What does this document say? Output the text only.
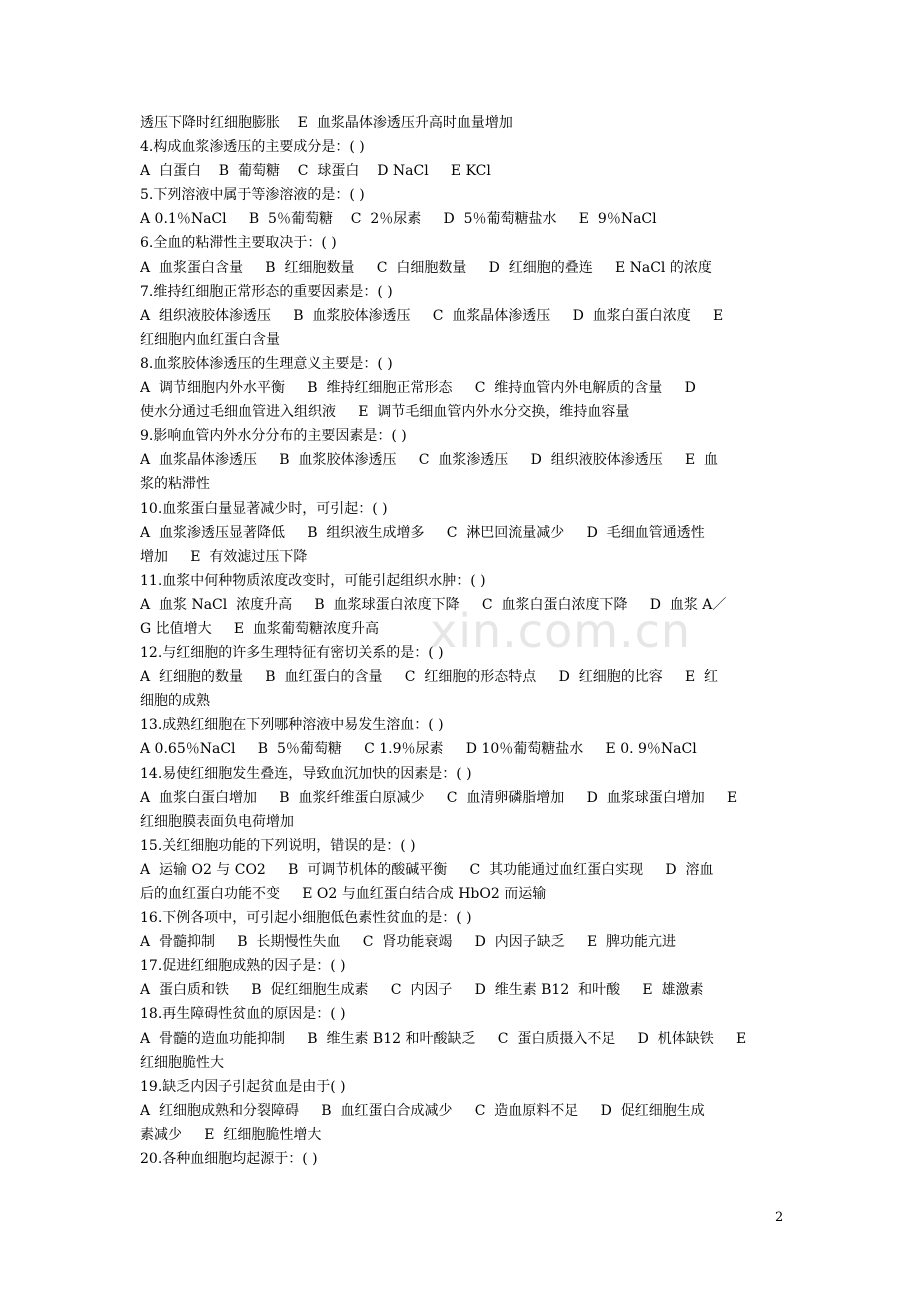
xin.com.cn
透压下降时红细胞膨胀    E  血浆晶体渗透压升高时血量增加
4.构成血浆渗透压的主要成分是：( )
A  白蛋白    B  葡萄糖    C  球蛋白    D NaCl     E KCl
5.下列溶液中属于等渗溶液的是：( )
A 0.1％NaCl     B  5％葡萄糖    C  2％尿素     D  5％葡萄糖盐水     E  9％NaCl
6.全血的粘滞性主要取决于：( )
A  血浆蛋白含量     B  红细胞数量     C  白细胞数量     D  红细胞的叠连     E NaCl 的浓度
7.维持红细胞正常形态的重要因素是：( )
A  组织液胶体渗透压     B  血浆胶体渗透压     C  血浆晶体渗透压     D  血浆白蛋白浓度     E
红细胞内血红蛋白含量
8.血浆胶体渗透压的生理意义主要是：( )
A  调节细胞内外水平衡     B  维持红细胞正常形态     C  维持血管内外电解质的含量     D
使水分通过毛细血管进入组织液     E  调节毛细血管内外水分交换，维持血容量
9.影响血管内外水分分布的主要因素是：( )
A  血浆晶体渗透压     B  血浆胶体渗透压     C  血浆渗透压     D  组织液胶体渗透压     E  血
浆的粘滞性
10.血浆蛋白量显著减少时，可引起：( )
A  血浆渗透压显著降低     B  组织液生成增多     C  淋巴回流量减少     D  毛细血管通透性
增加     E  有效滤过压下降
11.血浆中何种物质浓度改变时，可能引起组织水肿：( )
A  血浆 NaCl  浓度升高     B  血浆球蛋白浓度下降     C  血浆白蛋白浓度下降     D  血浆 A／
G 比值增大     E  血浆葡萄糖浓度升高
12.与红细胞的许多生理特征有密切关系的是：( )
A  红细胞的数量     B  血红蛋白的含量     C  红细胞的形态特点     D  红细胞的比容     E  红
细胞的成熟
13.成熟红细胞在下列哪种溶液中易发生溶血：( )
A 0.65％NaCl     B  5％葡萄糖     C 1.9％尿素     D 10％葡萄糖盐水     E 0. 9％NaCl
14.易使红细胞发生叠连，导致血沉加快的因素是：( )
A  血浆白蛋白增加     B  血浆纤维蛋白原减少     C  血清卵磷脂增加     D  血浆球蛋白增加     E
红细胞膜表面负电荷增加
15.关红细胞功能的下列说明，错误的是：( )
A  运输 O2 与 CO2     B  可调节机体的酸碱平衡     C  其功能通过血红蛋白实现     D  溶血
后的血红蛋白功能不变     E O2 与血红蛋白结合成 HbO2 而运输
16.下例各项中，可引起小细胞低色素性贫血的是：( )
A  骨髓抑制     B  长期慢性失血     C  肾功能衰竭     D  内因子缺乏     E  脾功能亢进
17.促进红细胞成熟的因子是：( )
A  蛋白质和铁     B  促红细胞生成素     C  内因子     D  维生素 B12  和叶酸     E  雄激素
18.再生障碍性贫血的原因是：( )
A  骨髓的造血功能抑制     B  维生素 B12 和叶酸缺乏     C  蛋白质摄入不足     D  机体缺铁     E
红细胞脆性大
19.缺乏内因子引起贫血是由于( )
A  红细胞成熟和分裂障碍     B  血红蛋白合成减少     C  造血原料不足     D  促红细胞生成
素减少     E  红细胞脆性增大
20.各种血细胞均起源于：( )
2
